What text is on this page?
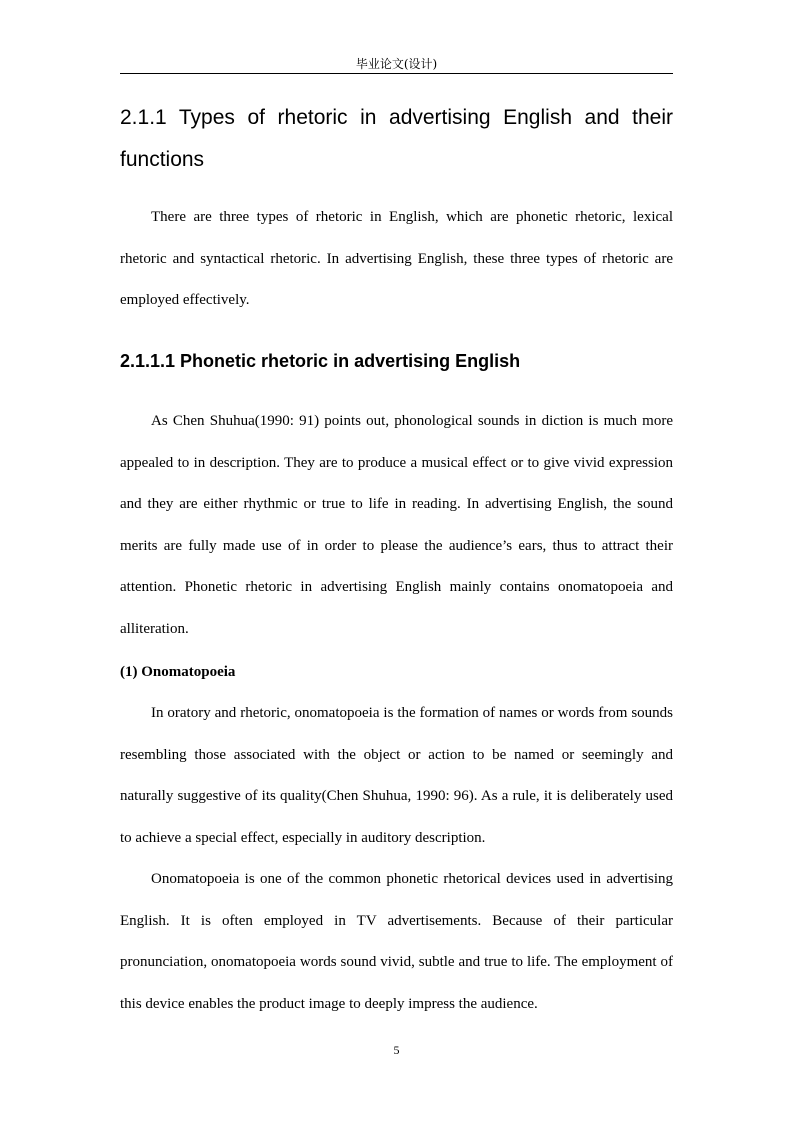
毕业论文(设计)
2.1.1 Types of rhetoric in advertising English and their functions

There are three types of rhetoric in English, which are phonetic rhetoric, lexical rhetoric and syntactical rhetoric. In advertising English, these three types of rhetoric are employed effectively.

2.1.1.1 Phonetic rhetoric in advertising English

As Chen Shuhua(1990: 91) points out, phonological sounds in diction is much more appealed to in description. They are to produce a musical effect or to give vivid expression and they are either rhythmic or true to life in reading. In advertising English, the sound merits are fully made use of in order to please the audience’s ears, thus to attract their attention. Phonetic rhetoric in advertising English mainly contains onomatopoeia and alliteration.

(1) Onomatopoeia

In oratory and rhetoric, onomatopoeia is the formation of names or words from sounds resembling those associated with the object or action to be named or seemingly and naturally suggestive of its quality(Chen Shuhua, 1990: 96). As a rule, it is deliberately used to achieve a special effect, especially in auditory description.

Onomatopoeia is one of the common phonetic rhetorical devices used in advertising English. It is often employed in TV advertisements. Because of their particular pronunciation, onomatopoeia words sound vivid, subtle and true to life. The employment of this device enables the product image to deeply impress the audience.

5
